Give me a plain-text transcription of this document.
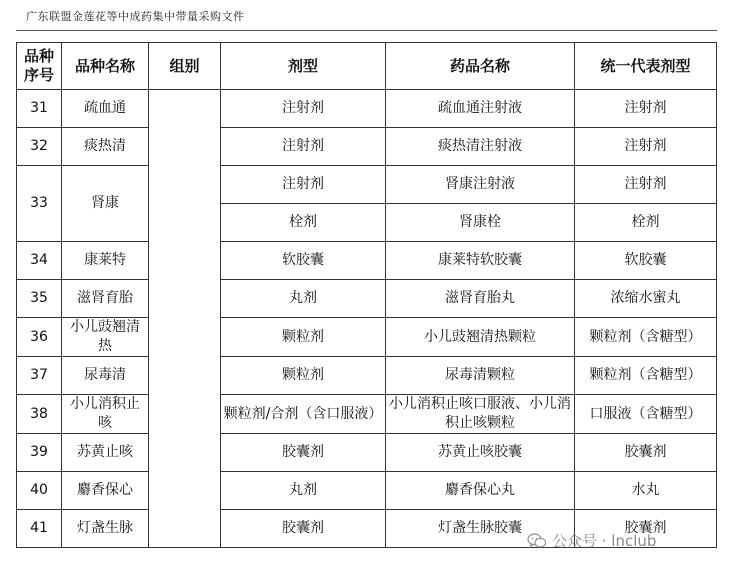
广东联盟金莲花等中成药集中带量采购文件
品种
序号	品种名称	组别	剂型	药品名称	统一代表剂型
31	疏血通		注射剂	疏血通注射液	注射剂
32	痰热清		注射剂	痰热清注射液	注射剂
33	肾康		注射剂	肾康注射液	注射剂
			栓剂	肾康栓	栓剂
34	康莱特		软胶囊	康莱特软胶囊	软胶囊
35	滋肾育胎		丸剂	滋肾育胎丸	浓缩水蜜丸
36	小儿豉翘清热		颗粒剂	小儿豉翘清热颗粒	颗粒剂（含糖型）
37	尿毒清		颗粒剂	尿毒清颗粒	颗粒剂（含糖型）
38	小儿消积止咳		颗粒剂/合剂（含口服液）	小儿消积止咳口服液、小儿消积止咳颗粒	口服液（含糖型）
39	苏黄止咳		胶囊剂	苏黄止咳胶囊	胶囊剂
40	麝香保心		丸剂	麝香保心丸	水丸
41	灯盏生脉		胶囊剂	灯盏生脉胶囊	胶囊剂
公众号 · lnclub
